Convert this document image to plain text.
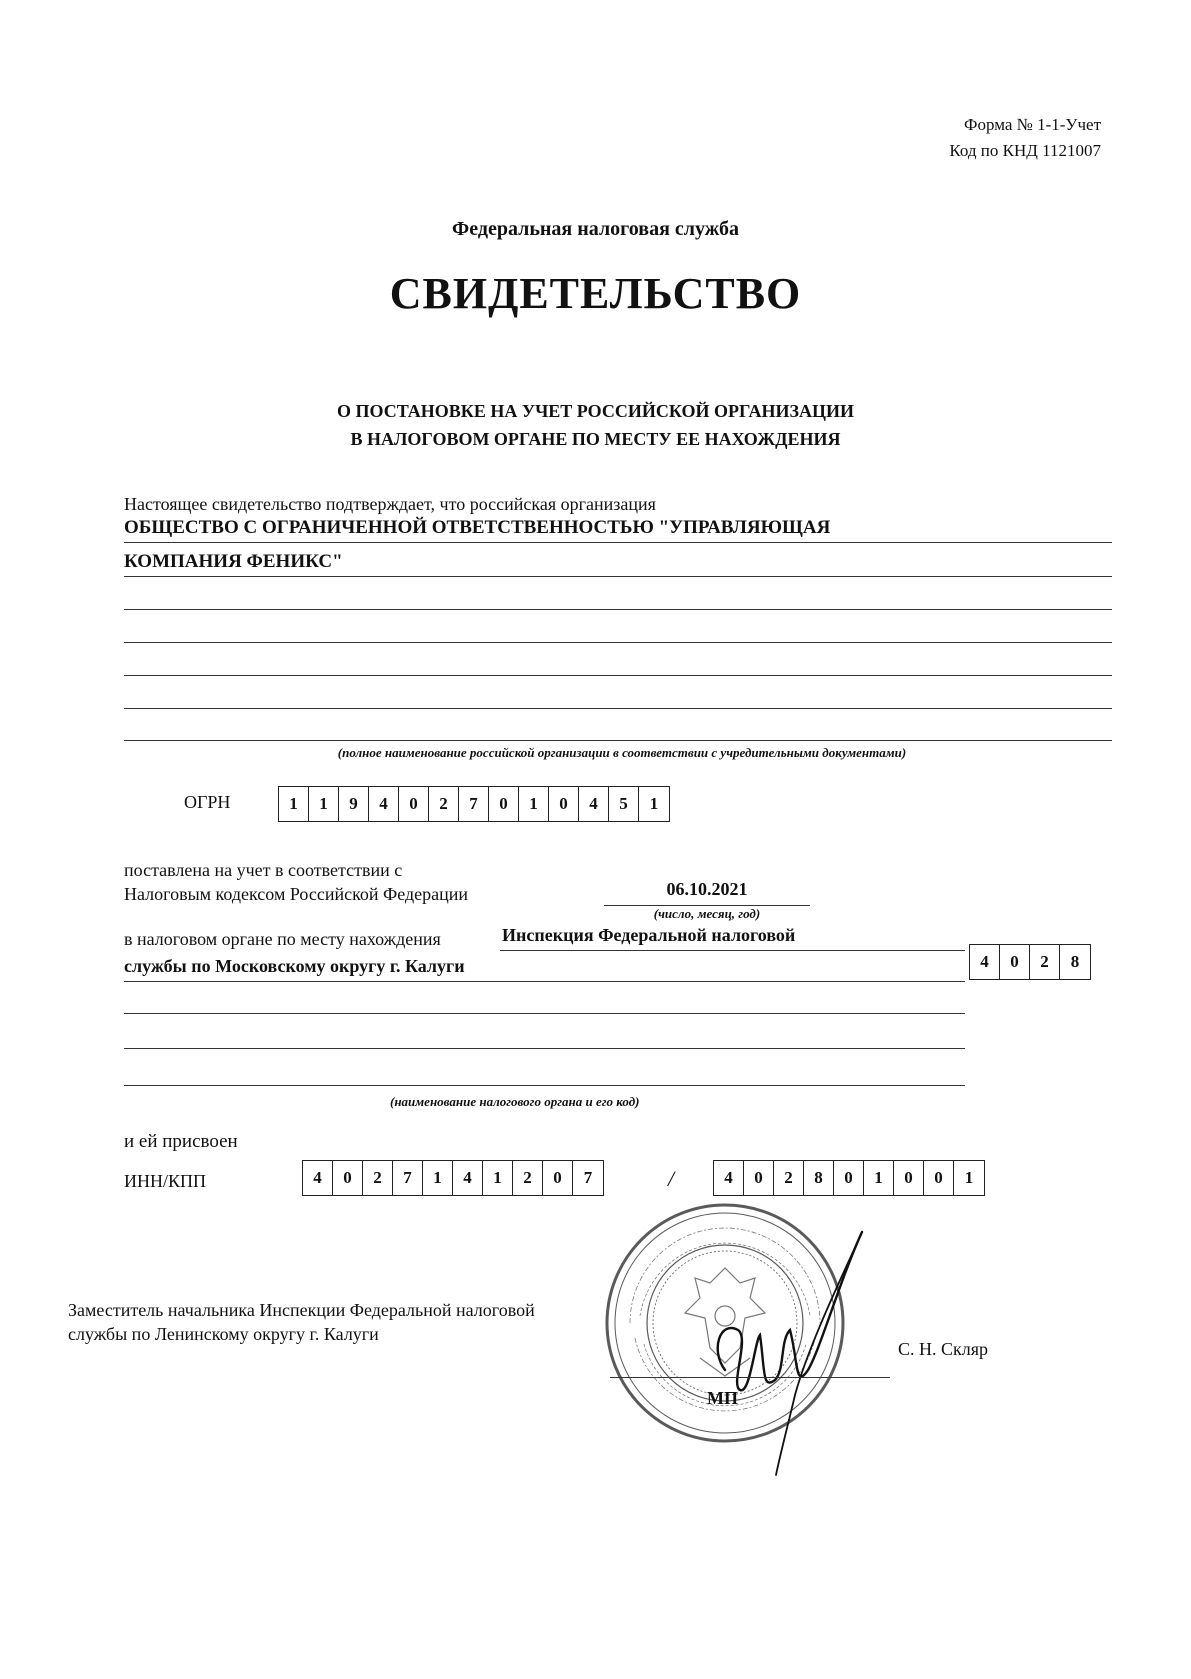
Форма № 1-1-Учет
Код по КНД 1121007
Федеральная налоговая служба
СВИДЕТЕЛЬСТВО
О ПОСТАНОВКЕ НА УЧЕТ РОССИЙСКОЙ ОРГАНИЗАЦИИ
В НАЛОГОВОМ ОРГАНЕ ПО МЕСТУ ЕЕ НАХОЖДЕНИЯ
Настоящее свидетельство подтверждает, что российская организация
ОБЩЕСТВО С ОГРАНИЧЕННОЙ ОТВЕТСТВЕННОСТЬЮ "УПРАВЛЯЮЩАЯ
КОМПАНИЯ ФЕНИКС"
(полное наименование российской организации в соответствии с учредительными документами)
ОГРН	1	1	9	4	0	2	7	0	1	0	4	5	1
поставлена на учет в соответствии с
Налоговым кодексом Российской Федерации	06.10.2021
(число, месяц, год)
в налоговом органе по месту нахождения	Инспекция Федеральной налоговой
службы по Московскому округу г. Калуги	4	0	2	8
(наименование налогового органа и его код)
и ей присвоен
ИНН/КПП	4	0	2	7	1	4	1	2	0	7	/	4	0	2	8	0	1	0	0	1
Заместитель начальника Инспекции Федеральной налоговой службы по Ленинскому округу г. Калуги
С. Н. Скляр
МП
